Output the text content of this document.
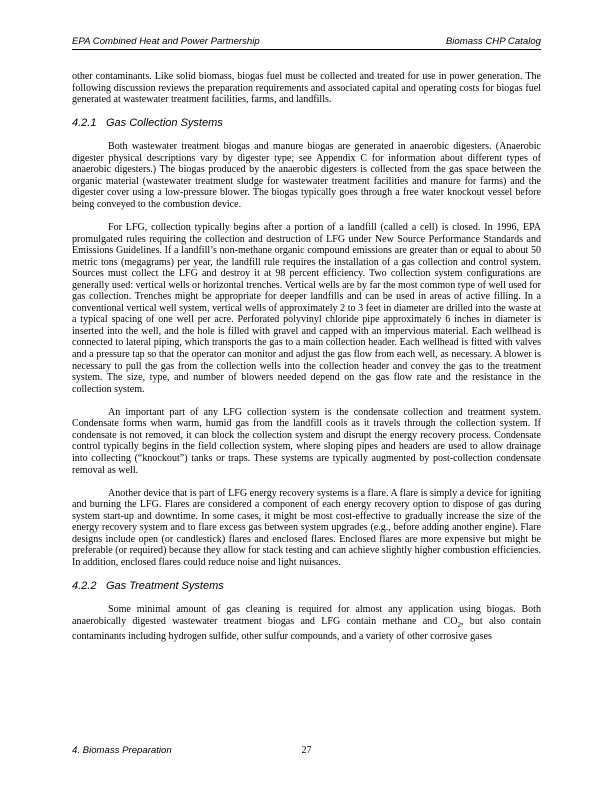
EPA Combined Heat and Power Partnership	Biomass CHP Catalog

other contaminants. Like solid biomass, biogas fuel must be collected and treated for use in power generation. The following discussion reviews the preparation requirements and associated capital and operating costs for biogas fuel generated at wastewater treatment facilities, farms, and landfills.

4.2.1 Gas Collection Systems

Both wastewater treatment biogas and manure biogas are generated in anaerobic digesters. (Anaerobic digester physical descriptions vary by digester type; see Appendix C for information about different types of anaerobic digesters.) The biogas produced by the anaerobic digesters is collected from the gas space between the organic material (wastewater treatment sludge for wastewater treatment facilities and manure for farms) and the digester cover using a low-pressure blower. The biogas typically goes through a free water knockout vessel before being conveyed to the combustion device.

For LFG, collection typically begins after a portion of a landfill (called a cell) is closed. In 1996, EPA promulgated rules requiring the collection and destruction of LFG under New Source Performance Standards and Emissions Guidelines. If a landfill’s non-methane organic compound emissions are greater than or equal to about 50 metric tons (megagrams) per year, the landfill rule requires the installation of a gas collection and control system. Sources must collect the LFG and destroy it at 98 percent efficiency. Two collection system configurations are generally used: vertical wells or horizontal trenches. Vertical wells are by far the most common type of well used for gas collection. Trenches might be appropriate for deeper landfills and can be used in areas of active filling. In a conventional vertical well system, vertical wells of approximately 2 to 3 feet in diameter are drilled into the waste at a typical spacing of one well per acre. Perforated polyvinyl chloride pipe approximately 6 inches in diameter is inserted into the well, and the hole is filled with gravel and capped with an impervious material. Each wellhead is connected to lateral piping, which transports the gas to a main collection header. Each wellhead is fitted with valves and a pressure tap so that the operator can monitor and adjust the gas flow from each well, as necessary. A blower is necessary to pull the gas from the collection wells into the collection header and convey the gas to the treatment system. The size, type, and number of blowers needed depend on the gas flow rate and the resistance in the collection system.

An important part of any LFG collection system is the condensate collection and treatment system. Condensate forms when warm, humid gas from the landfill cools as it travels through the collection system. If condensate is not removed, it can block the collection system and disrupt the energy recovery process. Condensate control typically begins in the field collection system, where sloping pipes and headers are used to allow drainage into collecting (“knockout”) tanks or traps. These systems are typically augmented by post-collection condensate removal as well.

Another device that is part of LFG energy recovery systems is a flare. A flare is simply a device for igniting and burning the LFG. Flares are considered a component of each energy recovery option to dispose of gas during system start-up and downtime. In some cases, it might be most cost-effective to gradually increase the size of the energy recovery system and to flare excess gas between system upgrades (e.g., before adding another engine). Flare designs include open (or candlestick) flares and enclosed flares. Enclosed flares are more expensive but might be preferable (or required) because they allow for stack testing and can achieve slightly higher combustion efficiencies. In addition, enclosed flares could reduce noise and light nuisances.

4.2.2 Gas Treatment Systems

Some minimal amount of gas cleaning is required for almost any application using biogas. Both anaerobically digested wastewater treatment biogas and LFG contain methane and $CO_2$, but also contain contaminants including hydrogen sulfide, other sulfur compounds, and a variety of other corrosive gases

4. Biomass Preparation	27
